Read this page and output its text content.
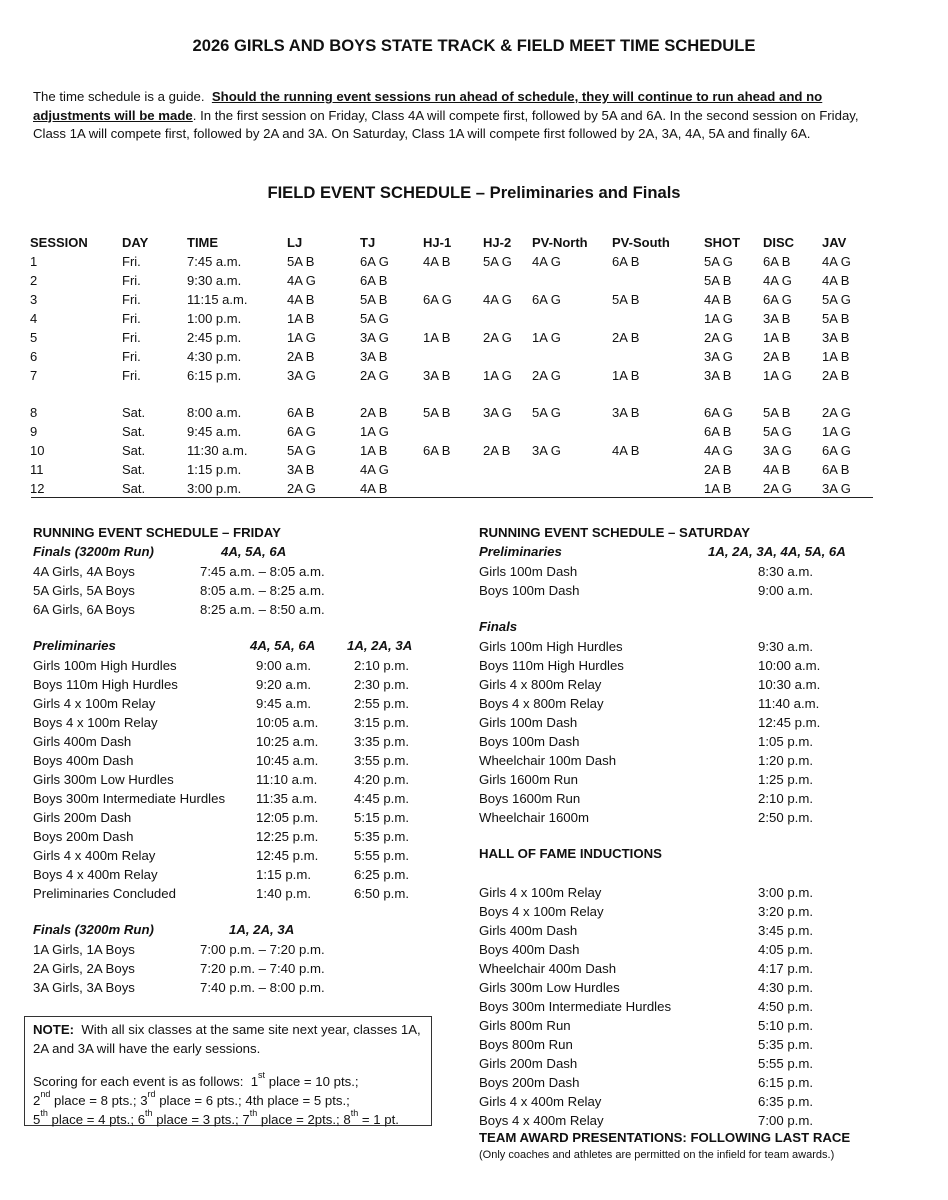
2026 GIRLS AND BOYS STATE TRACK & FIELD MEET TIME SCHEDULE
The time schedule is a guide. Should the running event sessions run ahead of schedule, they will continue to run ahead and no adjustments will be made. In the first session on Friday, Class 4A will compete first, followed by 5A and 6A. In the second session on Friday, Class 1A will compete first, followed by 2A and 3A. On Saturday, Class 1A will compete first followed by 2A, 3A, 4A, 5A and finally 6A.
FIELD EVENT SCHEDULE – Preliminaries and Finals
SESSION	DAY	TIME	LJ	TJ	HJ-1	HJ-2	PV-North	PV-South	SHOT	DISC	JAV
1	Fri.	7:45 a.m.	5A B	6A G	4A B	5A G	4A G	6A B	5A G	6A B	4A G
2	Fri.	9:30 a.m.	4A G	6A B					5A B	4A G	4A B
3	Fri.	11:15 a.m.	4A B	5A B	6A G	4A G	6A G	5A B	4A B	6A G	5A G
4	Fri.	1:00 p.m.	1A B	5A G					1A G	3A B	5A B
5	Fri.	2:45 p.m.	1A G	3A G	1A B	2A G	1A G	2A B	2A G	1A B	3A B
6	Fri.	4:30 p.m.	2A B	3A B					3A G	2A B	1A B
7	Fri.	6:15 p.m.	3A G	2A G	3A B	1A G	2A G	1A B	3A B	1A G	2A B

8	Sat.	8:00 a.m.	6A B	2A B	5A B	3A G	5A G	3A B	6A G	5A B	2A G
9	Sat.	9:45 a.m.	6A G	1A G					6A B	5A G	1A G
10	Sat.	11:30 a.m.	5A G	1A B	6A B	2A B	3A G	4A B	4A G	3A G	6A G
11	Sat.	1:15 p.m.	3A B	4A G					2A B	4A B	6A B
12	Sat.	3:00 p.m.	2A G	4A B					1A B	2A G	3A G
RUNNING EVENT SCHEDULE – FRIDAY
Finals (3200m Run)	4A, 5A, 6A
4A Girls, 4A Boys	7:45 a.m. – 8:05 a.m.
5A Girls, 5A Boys	8:05 a.m. – 8:25 a.m.
6A Girls, 6A Boys	8:25 a.m. – 8:50 a.m.
Preliminaries	4A, 5A, 6A 1A, 2A, 3A
Girls 100m High Hurdles	9:00 a.m.	2:10 p.m.
Boys 110m High Hurdles	9:20 a.m.	2:30 p.m.
Girls 4 x 100m Relay	9:45 a.m.	2:55 p.m.
Boys 4 x 100m Relay	10:05 a.m.	3:15 p.m.
Girls 400m Dash	10:25 a.m.	3:35 p.m.
Boys 400m Dash	10:45 a.m.	3:55 p.m.
Girls 300m Low Hurdles	11:10 a.m.	4:20 p.m.
Boys 300m Intermediate Hurdles	11:35 a.m.	4:45 p.m.
Girls 200m Dash	12:05 p.m.	5:15 p.m.
Boys 200m Dash	12:25 p.m.	5:35 p.m.
Girls 4 x 400m Relay	12:45 p.m.	5:55 p.m.
Boys 4 x 400m Relay	1:15 p.m.	6:25 p.m.
Preliminaries Concluded	1:40 p.m.	6:50 p.m.
Finals (3200m Run)	1A, 2A, 3A
1A Girls, 1A Boys	7:00 p.m. – 7:20 p.m.
2A Girls, 2A Boys	7:20 p.m. – 7:40 p.m.
3A Girls, 3A Boys	7:40 p.m. – 8:00 p.m.
NOTE: With all six classes at the same site next year, classes 1A, 2A and 3A will have the early sessions.
Scoring for each event is as follows: 1st place = 10 pts.;
2nd place = 8 pts.; 3rd place = 6 pts.; 4th place = 5 pts.;
5th place = 4 pts.; 6th place = 3 pts.; 7th place = 2pts.; 8th = 1 pt.
RUNNING EVENT SCHEDULE – SATURDAY
Preliminaries	1A, 2A, 3A, 4A, 5A, 6A
Girls 100m Dash	8:30 a.m.
Boys 100m Dash	9:00 a.m.
Finals
Girls 100m High Hurdles	9:30 a.m.
Boys 110m High Hurdles	10:00 a.m.
Girls 4 x 800m Relay	10:30 a.m.
Boys 4 x 800m Relay	11:40 a.m.
Girls 100m Dash	12:45 p.m.
Boys 100m Dash	1:05 p.m.
Wheelchair 100m Dash	1:20 p.m.
Girls 1600m Run	1:25 p.m.
Boys 1600m Run	2:10 p.m.
Wheelchair 1600m	2:50 p.m.
HALL OF FAME INDUCTIONS
Girls 4 x 100m Relay	3:00 p.m.
Boys 4 x 100m Relay	3:20 p.m.
Girls 400m Dash	3:45 p.m.
Boys 400m Dash	4:05 p.m.
Wheelchair 400m Dash	4:17 p.m.
Girls 300m Low Hurdles	4:30 p.m.
Boys 300m Intermediate Hurdles	4:50 p.m.
Girls 800m Run	5:10 p.m.
Boys 800m Run	5:35 p.m.
Girls 200m Dash	5:55 p.m.
Boys 200m Dash	6:15 p.m.
Girls 4 x 400m Relay	6:35 p.m.
Boys 4 x 400m Relay	7:00 p.m.
TEAM AWARD PRESENTATIONS: FOLLOWING LAST RACE
(Only coaches and athletes are permitted on the infield for team awards.)
